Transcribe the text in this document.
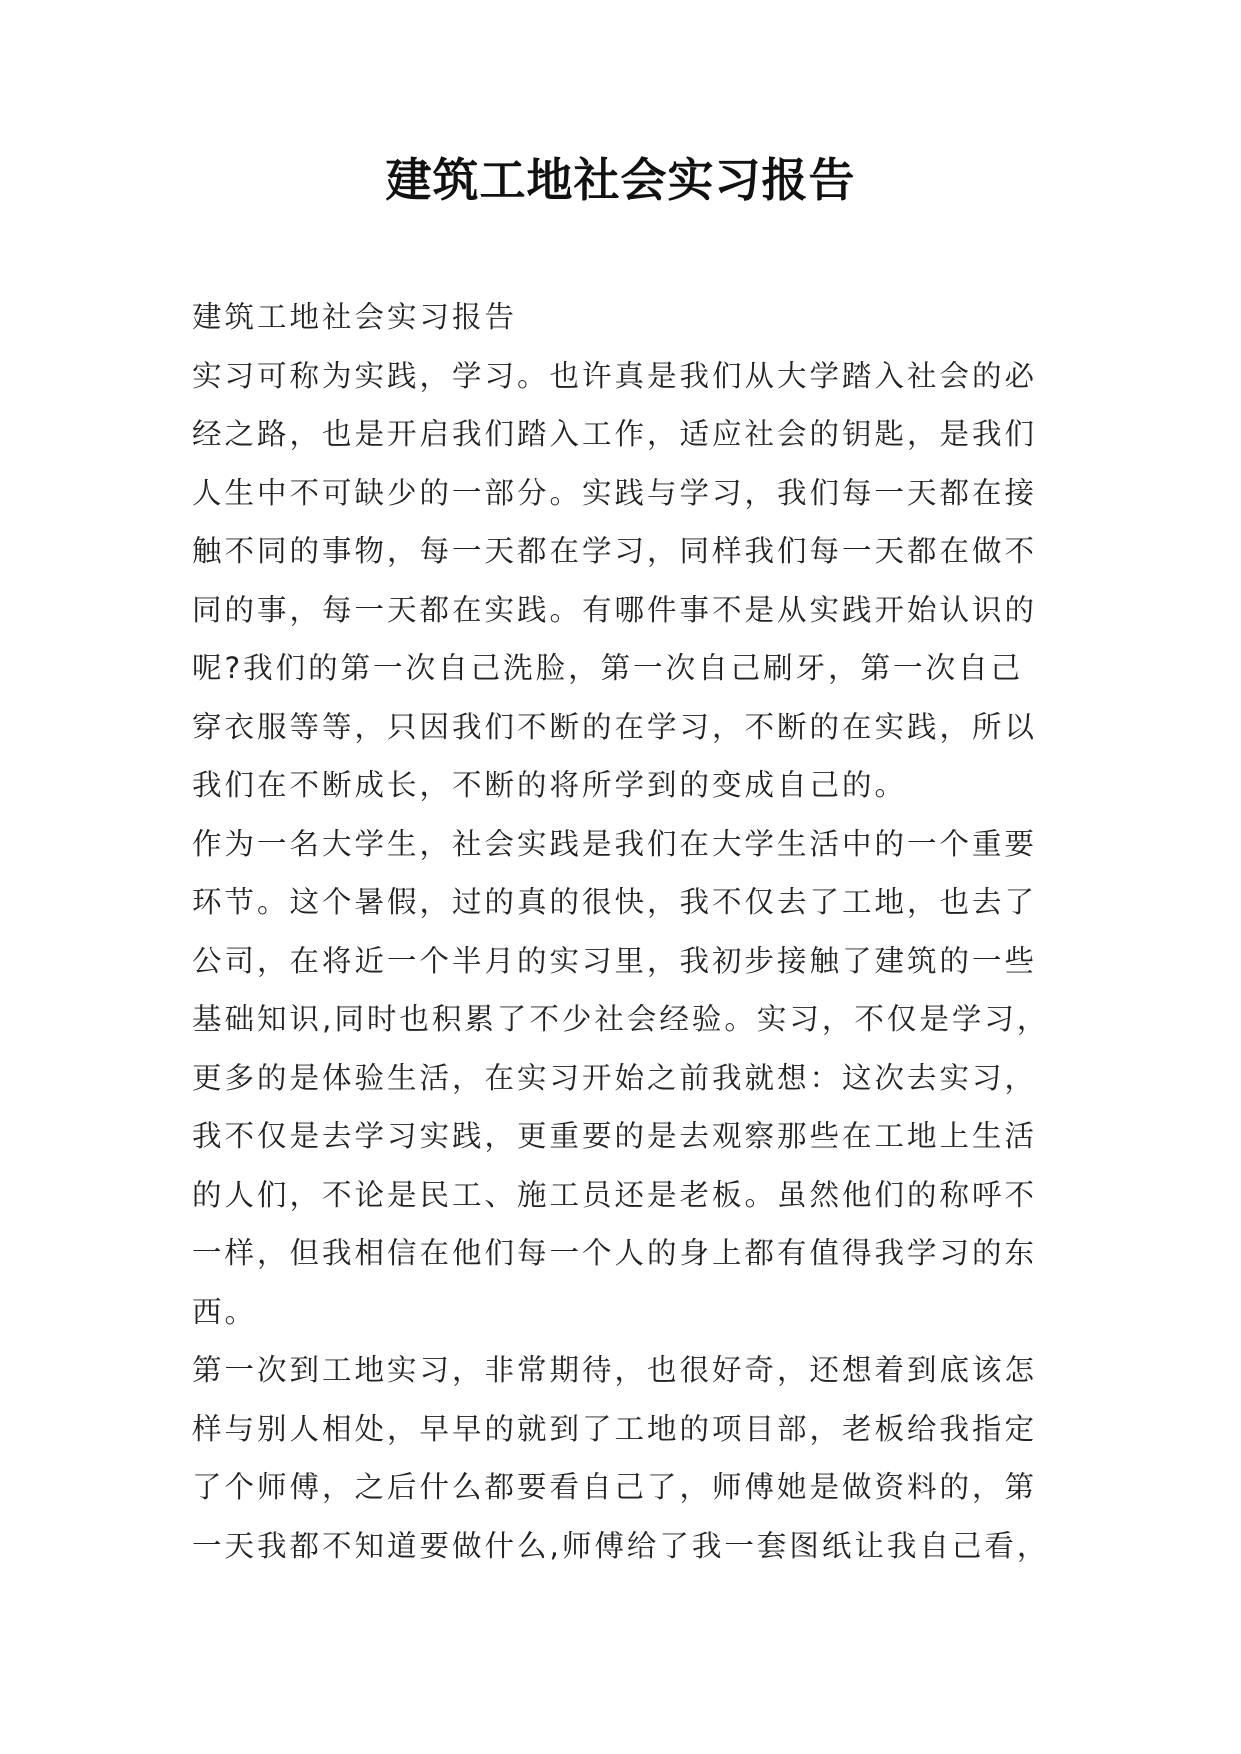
建筑工地社会实习报告
建筑工地社会实习报告
实习可称为实践，学习。也许真是我们从大学踏入社会的必
经之路，也是开启我们踏入工作，适应社会的钥匙，是我们
人生中不可缺少的一部分。实践与学习，我们每一天都在接
触不同的事物，每一天都在学习，同样我们每一天都在做不
同的事，每一天都在实践。有哪件事不是从实践开始认识的
呢?我们的第一次自己洗脸，第一次自己刷牙，第一次自己
穿衣服等等，只因我们不断的在学习，不断的在实践，所以
我们在不断成长，不断的将所学到的变成自己的。
作为一名大学生，社会实践是我们在大学生活中的一个重要
环节。这个暑假，过的真的很快，我不仅去了工地，也去了
公司，在将近一个半月的实习里，我初步接触了建筑的一些
基础知识,同时也积累了不少社会经验。实习，不仅是学习，
更多的是体验生活，在实习开始之前我就想：这次去实习，
我不仅是去学习实践，更重要的是去观察那些在工地上生活
的人们，不论是民工、施工员还是老板。虽然他们的称呼不
一样，但我相信在他们每一个人的身上都有值得我学习的东
西。
第一次到工地实习，非常期待，也很好奇，还想着到底该怎
样与别人相处，早早的就到了工地的项目部，老板给我指定
了个师傅，之后什么都要看自己了，师傅她是做资料的，第
一天我都不知道要做什么,师傅给了我一套图纸让我自己看，
